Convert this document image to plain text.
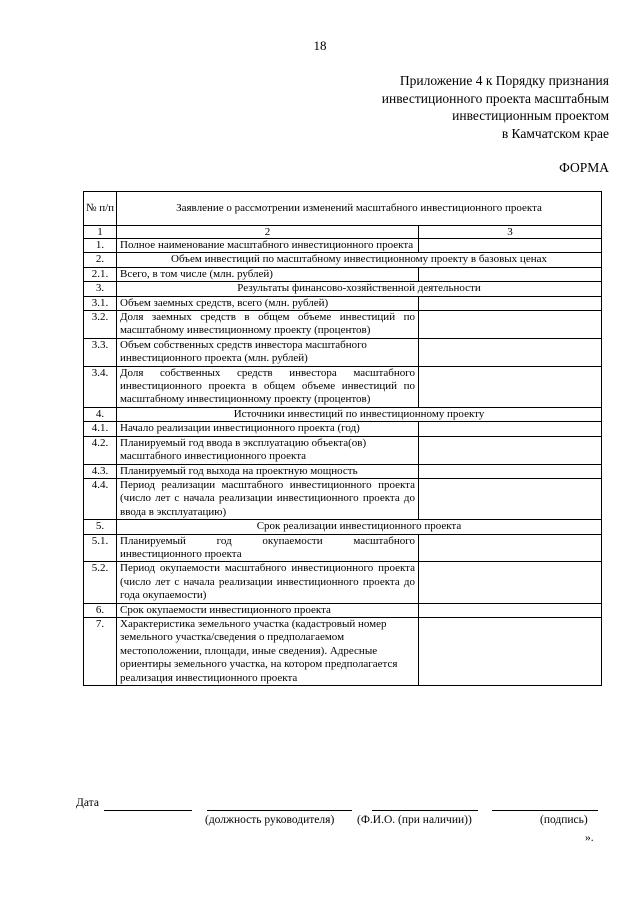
18
Приложение 4 к Порядку признания
инвестиционного проекта масштабным
инвестиционным проектом
в Камчатском крае
ФОРМА
№ п/п	Заявление о рассмотрении изменений масштабного инвестиционного проекта	
1	2	3
1.	Полное наименование масштабного инвестиционного проекта	
2.	Объем инвестиций по масштабному инвестиционному проекту в базовых ценах	
2.1.	Всего, в том числе (млн. рублей)	
3.	Результаты финансово-хозяйственной деятельности	
3.1.	Объем заемных средств, всего (млн. рублей)	
3.2.	Доля заемных средств в общем объеме инвестиций по масштабному инвестиционному проекту (процентов)	
3.3.	Объем собственных средств инвестора масштабного инвестиционного проекта (млн. рублей)	
3.4.	Доля собственных средств инвестора масштабного инвестиционного проекта в общем объеме инвестиций по масштабному инвестиционному проекту (процентов)	
4.	Источники инвестиций по инвестиционному проекту	
4.1.	Начало реализации инвестиционного проекта (год)	
4.2.	Планируемый год ввода в эксплуатацию объекта(ов) масштабного инвестиционного проекта	
4.3.	Планируемый год выхода на проектную мощность	
4.4.	Период реализации масштабного инвестиционного проекта (число лет с начала реализации инвестиционного проекта до ввода в эксплуатацию)	
5.	Срок реализации инвестиционного проекта	
5.1.	Планируемый год окупаемости масштабного инвестиционного проекта	
5.2.	Период окупаемости масштабного инвестиционного проекта (число лет с начала реализации инвестиционного проекта до года окупаемости)	
6.	Срок окупаемости инвестиционного проекта	
7.	Характеристика земельного участка (кадастровый номер земельного участка/сведения о предполагаемом местоположении, площади, иные сведения). Адресные ориентиры земельного участка, на котором предполагается реализация инвестиционного проекта	
Дата
(должность руководителя) (Ф.И.О. (при наличии))	(подпись)
».
